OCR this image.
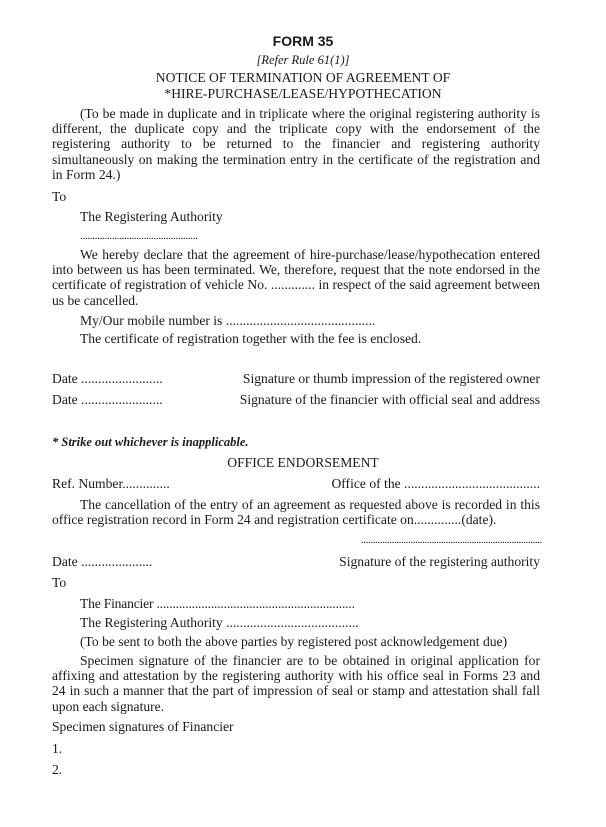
FORM 35
[Refer Rule 61(1)]
NOTICE OF TERMINATION OF AGREEMENT OF
*HIRE-PURCHASE/LEASE/HYPOTHECATION
(To be made in duplicate and in triplicate where the original registering authority is different, the duplicate copy and the triplicate copy with the endorsement of the registering authority to be returned to the financier and registering authority simultaneously on making the termination entry in the certificate of the registration and in Form 24.)
To
The Registering Authority
................................................
We hereby declare that the agreement of hire-purchase/lease/hypothecation entered into between us has been terminated. We, therefore, request that the note endorsed in the certificate of registration of vehicle No. ............. in respect of the said agreement between us be cancelled.
My/Our mobile number is ............................................
The certificate of registration together with the fee is enclosed.
Date ........................	Signature or thumb impression of the registered owner
Date ........................	Signature of the financier with official seal and address
* Strike out whichever is inapplicable.
OFFICE ENDORSEMENT
Ref. Number..............	Office of the ........................................
The cancellation of the entry of an agreement as requested above is recorded in this office registration record in Form 24 and registration certificate on..............(date).
.............................................................................
Date .....................	Signature of the registering authority
To
The Financier ..............................................................
The Registering Authority .......................................
(To be sent to both the above parties by registered post acknowledgement due)
Specimen signature of the financier are to be obtained in original application for affixing and attestation by the registering authority with his office seal in Forms 23 and 24 in such a manner that the part of impression of seal or stamp and attestation shall fall upon each signature.
Specimen signatures of Financier
1.
2.
